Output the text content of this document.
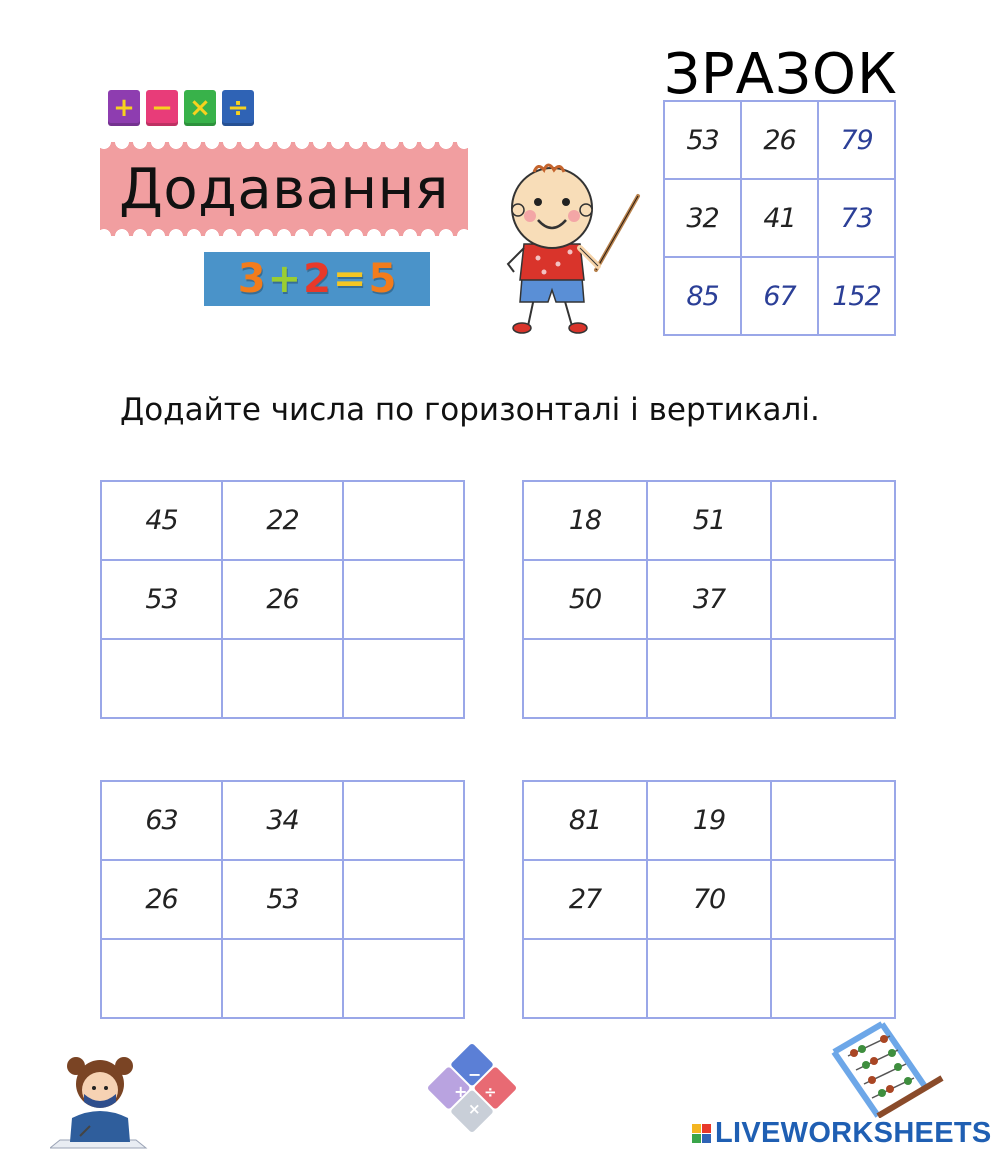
+ − × ÷
Додавання
3 + 2 = 5
ЗРАЗОК
53	26	79
32	41	73
85	67	152
Додайте числа по горизонталі і вертикалі.
45	22
53	26
18	51
50	37
63	34
26	53
81	19
27	70
+
−
÷
×
LIVEWORKSHEETS
